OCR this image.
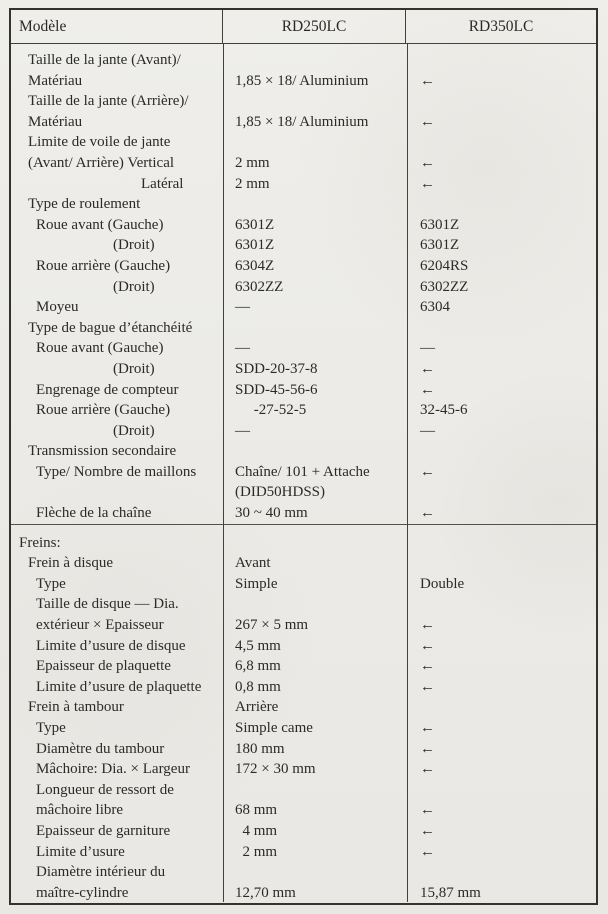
Modèle	RD250LC	RD350LC
Taille de la jante (Avant)/
Matériau	1,85 × 18/ Aluminium	←
Taille de la jante (Arrière)/
Matériau	1,85 × 18/ Aluminium	←
Limite de voile de jante
(Avant/ Arrière) Vertical	2 mm	←
Latéral	2 mm	←
Type de roulement
Roue avant (Gauche)	6301Z	6301Z
(Droit)	6301Z	6301Z
Roue arrière (Gauche)	6304Z	6204RS
(Droit)	6302ZZ	6302ZZ
Moyeu	—	6304
Type de bague d’étanchéité
Roue avant (Gauche)	—	—
(Droit)	SDD-20-37-8	←
Engrenage de compteur	SDD-45-56-6	←
Roue arrière (Gauche)	-27-52-5	32-45-6
(Droit)	—	—
Transmission secondaire
Type/ Nombre de maillons	Chaîne/ 101 + Attache	←
(DID50HDSS)
Flèche de la chaîne	30 ~ 40 mm	←
Freins:
Frein à disque	Avant
Type	Simple	Double
Taille de disque — Dia.
extérieur × Epaisseur	267 × 5 mm	←
Limite d’usure de disque	4,5 mm	←
Epaisseur de plaquette	6,8 mm	←
Limite d’usure de plaquette	0,8 mm	←
Frein à tambour	Arrière
Type	Simple came	←
Diamètre du tambour	180 mm	←
Mâchoire: Dia. × Largeur	172 × 30 mm	←
Longueur de ressort de
mâchoire libre	68 mm	←
Epaisseur de garniture	4 mm	←
Limite d’usure	2 mm	←
Diamètre intérieur du
maître-cylindre	12,70 mm	15,87 mm
